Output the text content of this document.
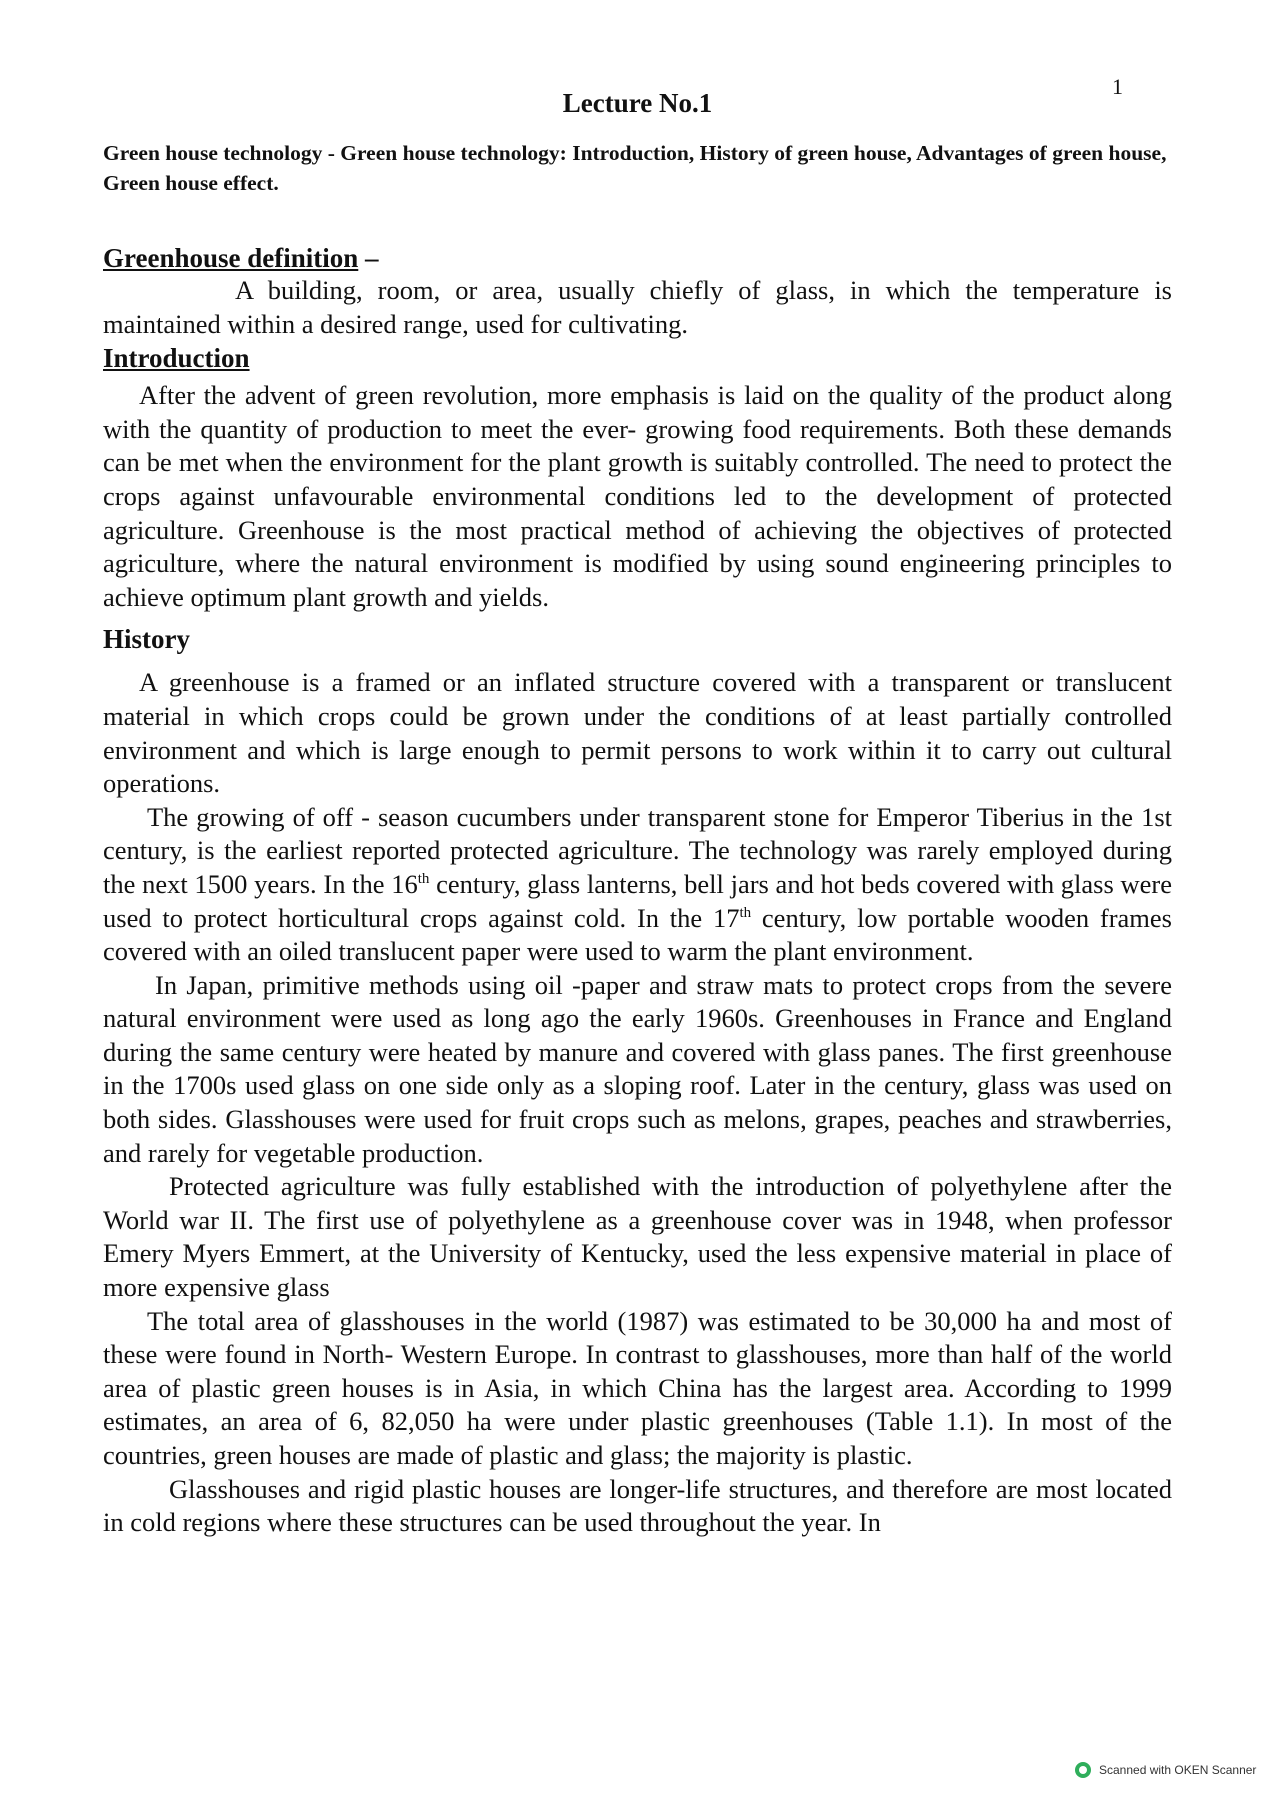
1
Lecture No.1
Green house technology - Green house technology: Introduction, History of green house, Advantages of green house, Green house effect.
Greenhouse definition –

A building, room, or area, usually chiefly of glass, in which the temperature is maintained within a desired range, used for cultivating.

Introduction

After the advent of green revolution, more emphasis is laid on the quality of the product along with the quantity of production to meet the ever- growing food requirements. Both these demands can be met when the environment for the plant growth is suitably controlled. The need to protect the crops against unfavourable environmental conditions led to the development of protected agriculture. Greenhouse is the most practical method of achieving the objectives of protected agriculture, where the natural environment is modified by using sound engineering principles to achieve optimum plant growth and yields.

History

A greenhouse is a framed or an inflated structure covered with a transparent or translucent material in which crops could be grown under the conditions of at least partially controlled environment and which is large enough to permit persons to work within it to carry out cultural operations.

The growing of off - season cucumbers under transparent stone for Emperor Tiberius in the 1st century, is the earliest reported protected agriculture. The technology was rarely employed during the next 1500 years. In the 16th century, glass lanterns, bell jars and hot beds covered with glass were used to protect horticultural crops against cold. In the 17th century, low portable wooden frames covered with an oiled translucent paper were used to warm the plant environment.

In Japan, primitive methods using oil -paper and straw mats to protect crops from the severe natural environment were used as long ago the early 1960s. Greenhouses in France and England during the same century were heated by manure and covered with glass panes. The first greenhouse in the 1700s used glass on one side only as a sloping roof. Later in the century, glass was used on both sides. Glasshouses were used for fruit crops such as melons, grapes, peaches and strawberries, and rarely for vegetable production.

Protected agriculture was fully established with the introduction of polyethylene after the World war II. The first use of polyethylene as a greenhouse cover was in 1948, when professor Emery Myers Emmert, at the University of Kentucky, used the less expensive material in place of more expensive glass

The total area of glasshouses in the world (1987) was estimated to be 30,000 ha and most of these were found in North- Western Europe. In contrast to glasshouses, more than half of the world area of plastic green houses is in Asia, in which China has the largest area. According to 1999 estimates, an area of 6, 82,050 ha were under plastic greenhouses (Table 1.1). In most of the countries, green houses are made of plastic and glass; the majority is plastic.

Glasshouses and rigid plastic houses are longer-life structures, and therefore are most located in cold regions where these structures can be used throughout the year. In

Scanned with OKEN Scanner
